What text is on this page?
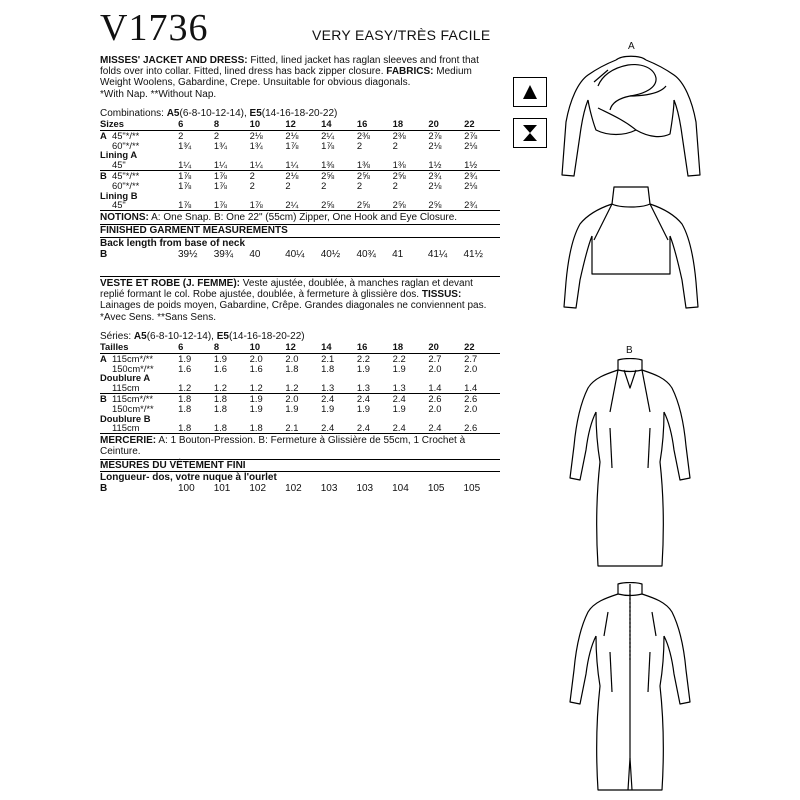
V1736	VERY EASY/TRÈS FACILE

MISSES' JACKET AND DRESS: Fitted, lined jacket has raglan sleeves and front that folds over into collar. Fitted, lined dress has back zipper closure. FABRICS: Medium Weight Woolens, Gabardine, Crepe. Unsuitable for obvious diagonals.
*With Nap. **Without Nap.

Combinations: A5(6-8-10-12-14), E5(14-16-18-20-22)
Sizes	6	8	10	12	14	16	18	20	22
A 45"*/**	2	2	2⅛	2⅛	2¼	2⅜	2⅜	2⅞	2⅞
60"*/**	1¾	1¾	1¾	1⅞	1⅞	2	2	2⅛	2⅛
Lining A									
45"	1¼	1¼	1¼	1¼	1⅜	1⅜	1⅜	1½	1½
B 45"*/**	1⅞	1⅞	2	2⅛	2⅝	2⅝	2⅝	2¾	2¾
60"*/**	1⅞	1⅞	2	2	2	2	2	2⅛	2⅛
Lining B									
45"	1⅞	1⅞	1⅞	2¼	2⅝	2⅝	2⅝	2⅝	2¾
NOTIONS: A: One Snap. B: One 22" (55cm) Zipper, One Hook and Eye Closure.
FINISHED GARMENT MEASUREMENTS
Back length from base of neck
B	39½	39¾	40	40¼	40½	40¾	41	41¼	41½

VESTE ET ROBE (J. FEMME): Veste ajustée, doublée, à manches raglan et devant replié formant le col. Robe ajustée, doublée, à fermeture à glissière dos. TISSUS: Lainages de poids moyen, Gabardine, Crêpe. Grandes diagonales ne conviennent pas.
*Avec Sens. **Sans Sens.

Séries: A5(6-8-10-12-14), E5(14-16-18-20-22)
Tailles	6	8	10	12	14	16	18	20	22
A 115cm*/**	1.9	1.9	2.0	2.0	2.1	2.2	2.2	2.7	2.7
150cm*/**	1.6	1.6	1.6	1.8	1.8	1.9	1.9	2.0	2.0
Doublure A									
115cm	1.2	1.2	1.2	1.2	1.3	1.3	1.3	1.4	1.4
B 115cm*/**	1.8	1.8	1.9	2.0	2.4	2.4	2.4	2.6	2.6
150cm*/**	1.8	1.8	1.9	1.9	1.9	1.9	1.9	2.0	2.0
Doublure B									
115cm	1.8	1.8	1.8	2.1	2.4	2.4	2.4	2.4	2.6
MERCERIE: A: 1 Bouton-Pression. B: Fermeture à Glissière de 55cm, 1 Crochet à Ceinture.
MESURES DU VÊTEMENT FINI
Longueur- dos, votre nuque à l'ourlet
B	100	101	102	102	103	103	104	105	105
A
B
